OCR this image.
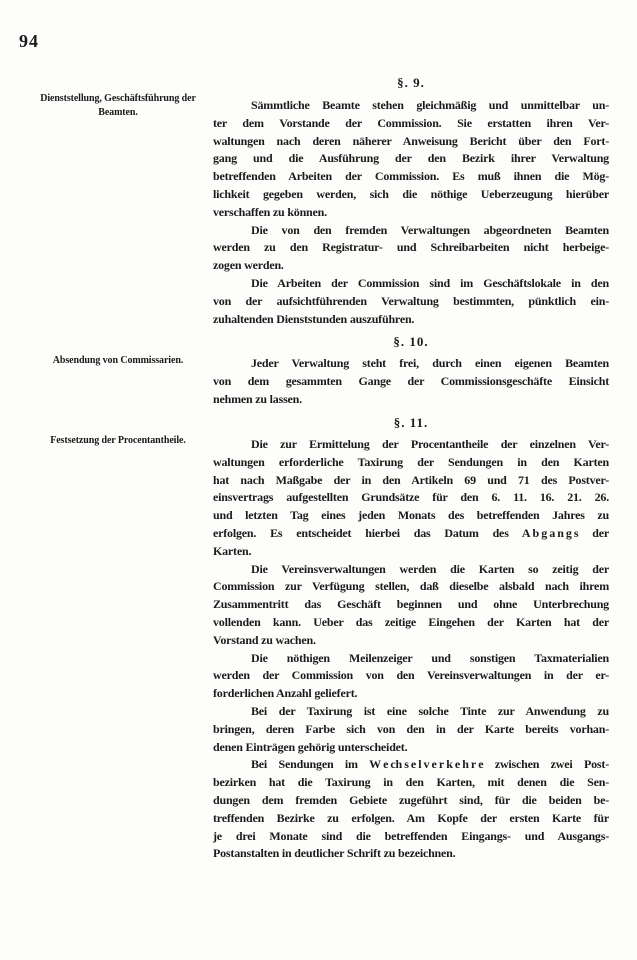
94
§. 9.
Dienststellung, Geschäftsführung der
Beamten.
Sämmtliche Beamte stehen gleichmäßig und unmittelbar un-
ter dem Vorstande der Commission. Sie erstatten ihren Ver-
waltungen nach deren näherer Anweisung Bericht über den Fort-
gang und die Ausführung der den Bezirk ihrer Verwaltung
betreffenden Arbeiten der Commission. Es muß ihnen die Mög-
lichkeit gegeben werden, sich die nöthige Ueberzeugung hierüber
verschaffen zu können.
Die von den fremden Verwaltungen abgeordneten Beamten
werden zu den Registratur- und Schreibarbeiten nicht herbeige-
zogen werden.
Die Arbeiten der Commission sind im Geschäftslokale in den
von der aufsichtführenden Verwaltung bestimmten, pünktlich ein-
zuhaltenden Dienststunden auszuführen.
§. 10.
Absendung von Commissarien.	Jeder Verwaltung steht frei, durch einen eigenen Beamten
von dem gesammten Gange der Commissionsgeschäfte Einsicht
nehmen zu lassen.
§. 11.
Festsetzung der Procentantheile.	Die zur Ermittelung der Procentantheile der einzelnen Ver-
waltungen erforderliche Taxirung der Sendungen in den Karten
hat nach Maßgabe der in den Artikeln 69 und 71 des Postver-
einsvertrags aufgestellten Grundsätze für den 6. 11. 16. 21. 26.
und letzten Tag eines jeden Monats des betreffenden Jahres zu
erfolgen. Es entscheidet hierbei das Datum des A b g a n g s der
Karten.
Die Vereinsverwaltungen werden die Karten so zeitig der
Commission zur Verfügung stellen, daß dieselbe alsbald nach ihrem
Zusammentritt das Geschäft beginnen und ohne Unterbrechung
vollenden kann. Ueber das zeitige Eingehen der Karten hat der
Vorstand zu wachen.
Die nöthigen Meilenzeiger und sonstigen Taxmaterialien
werden der Commission von den Vereinsverwaltungen in der er-
forderlichen Anzahl geliefert.
Bei der Taxirung ist eine solche Tinte zur Anwendung zu
bringen, deren Farbe sich von den in der Karte bereits vorhan-
denen Einträgen gehörig unterscheidet.
Bei Sendungen im W e ch s e l v e r k e h r e zwischen zwei Post-
bezirken hat die Taxirung in den Karten, mit denen die Sen-
dungen dem fremden Gebiete zugeführt sind, für die beiden be-
treffenden Bezirke zu erfolgen. Am Kopfe der ersten Karte für
je drei Monate sind die betreffenden Eingangs- und Ausgangs-
Postanstalten in deutlicher Schrift zu bezeichnen.
